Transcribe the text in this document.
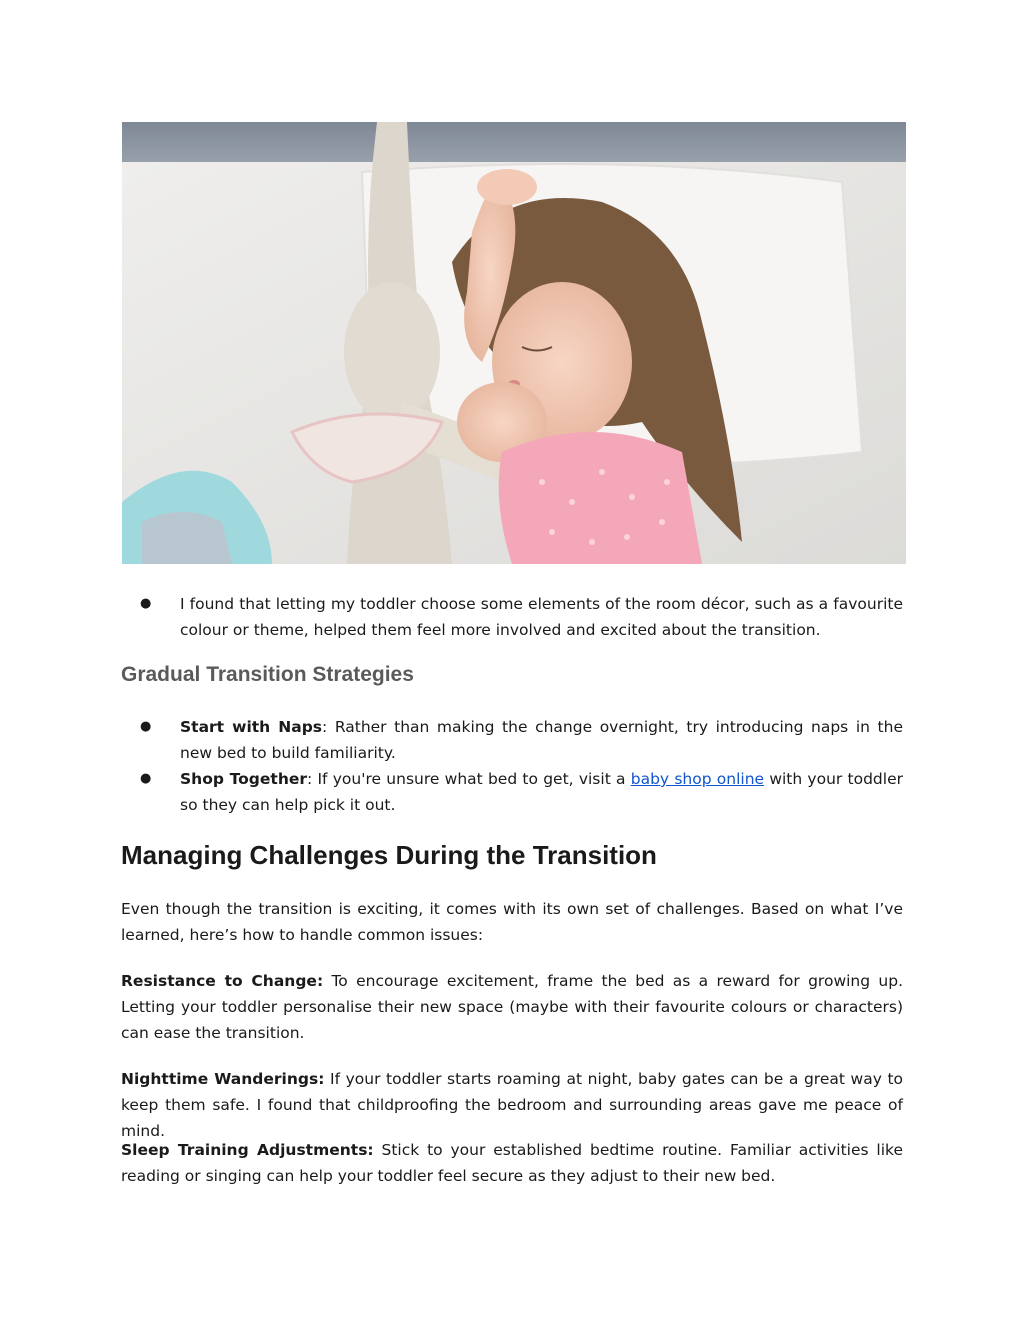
● I found that letting my toddler choose some elements of the room décor, such as a favourite colour or theme, helped them feel more involved and excited about the transition.
Gradual Transition Strategies
● Start with Naps: Rather than making the change overnight, try introducing naps in the new bed to build familiarity.
● Shop Together: If you're unsure what bed to get, visit a baby shop online with your toddler so they can help pick it out.
Managing Challenges During the Transition

Even though the transition is exciting, it comes with its own set of challenges. Based on what I’ve learned, here’s how to handle common issues:

Resistance to Change: To encourage excitement, frame the bed as a reward for growing up. Letting your toddler personalise their new space (maybe with their favourite colours or characters) can ease the transition.

Nighttime Wanderings: If your toddler starts roaming at night, baby gates can be a great way to keep them safe. I found that childproofing the bedroom and surrounding areas gave me peace of mind.

Sleep Training Adjustments: Stick to your established bedtime routine. Familiar activities like reading or singing can help your toddler feel secure as they adjust to their new bed.
